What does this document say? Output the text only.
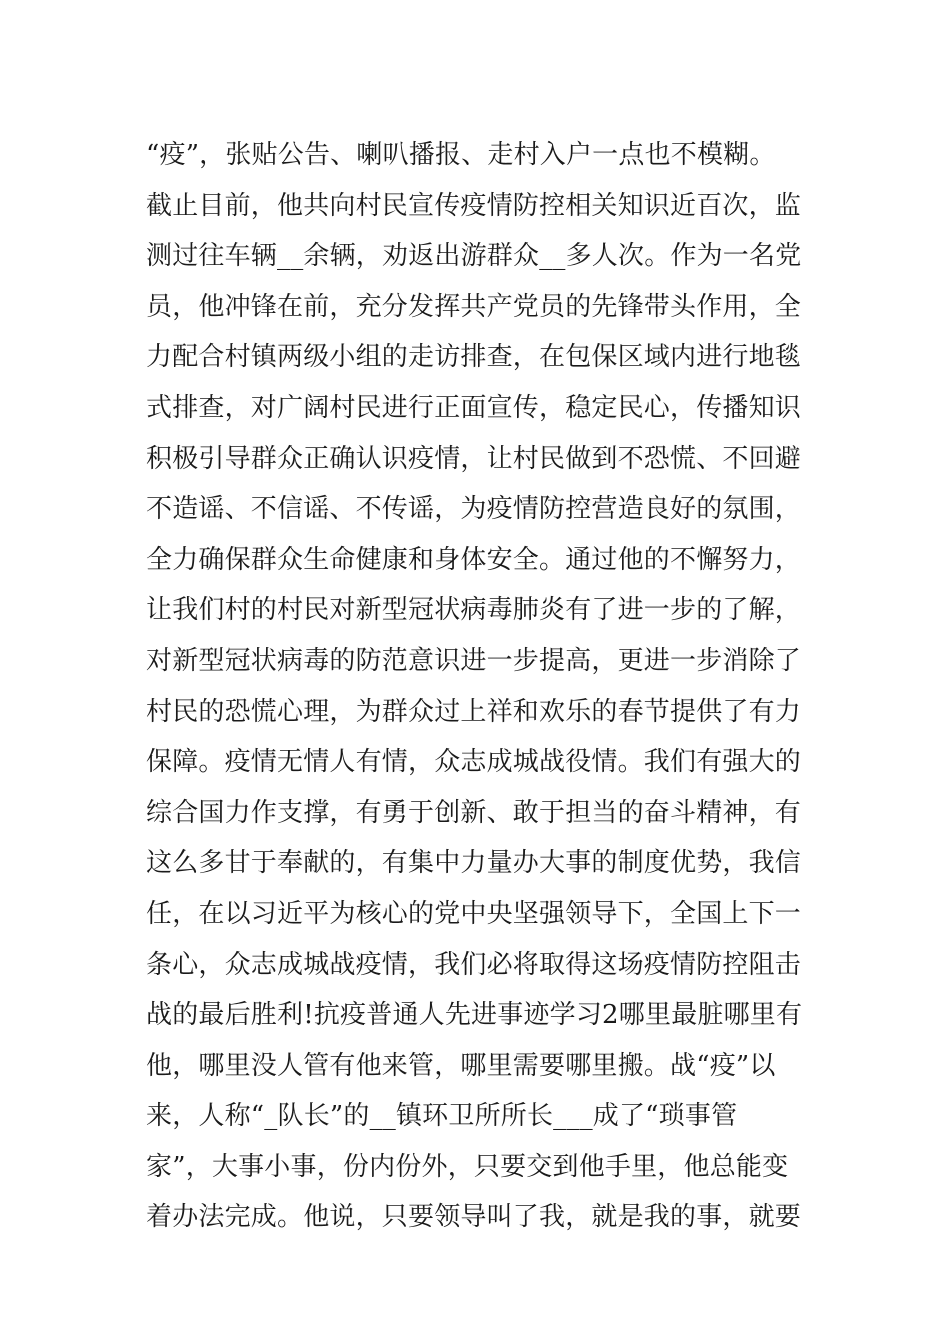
“疫”，张贴公告、喇叭播报、走村入户一点也不模糊。
截止目前，他共向村民宣传疫情防控相关知识近百次，监
测过往车辆__余辆，劝返出游群众__多人次。作为一名党
员，他冲锋在前，充分发挥共产党员的先锋带头作用，全
力配合村镇两级小组的走访排查，在包保区域内进行地毯
式排查，对广阔村民进行正面宣传，稳定民心，传播知识
积极引导群众正确认识疫情，让村民做到不恐慌、不回避
不造谣、不信谣、不传谣，为疫情防控营造良好的氛围，
全力确保群众生命健康和身体安全。通过他的不懈努力，
让我们村的村民对新型冠状病毒肺炎有了进一步的了解，
对新型冠状病毒的防范意识进一步提高，更进一步消除了
村民的恐慌心理，为群众过上祥和欢乐的春节提供了有力
保障。疫情无情人有情，众志成城战役情。我们有强大的
综合国力作支撑，有勇于创新、敢于担当的奋斗精神，有
这么多甘于奉献的，有集中力量办大事的制度优势，我信
任，在以习近平为核心的党中央坚强领导下，全国上下一
条心，众志成城战疫情，我们必将取得这场疫情防控阻击
战的最后胜利!抗疫普通人先进事迹学习2哪里最脏哪里有
他，哪里没人管有他来管，哪里需要哪里搬。战“疫”以
来，人称“_队长”的__镇环卫所所长___成了“琐事管
家”，大事小事，份内份外，只要交到他手里，他总能变
着办法完成。他说，只要领导叫了我，就是我的事，就要
